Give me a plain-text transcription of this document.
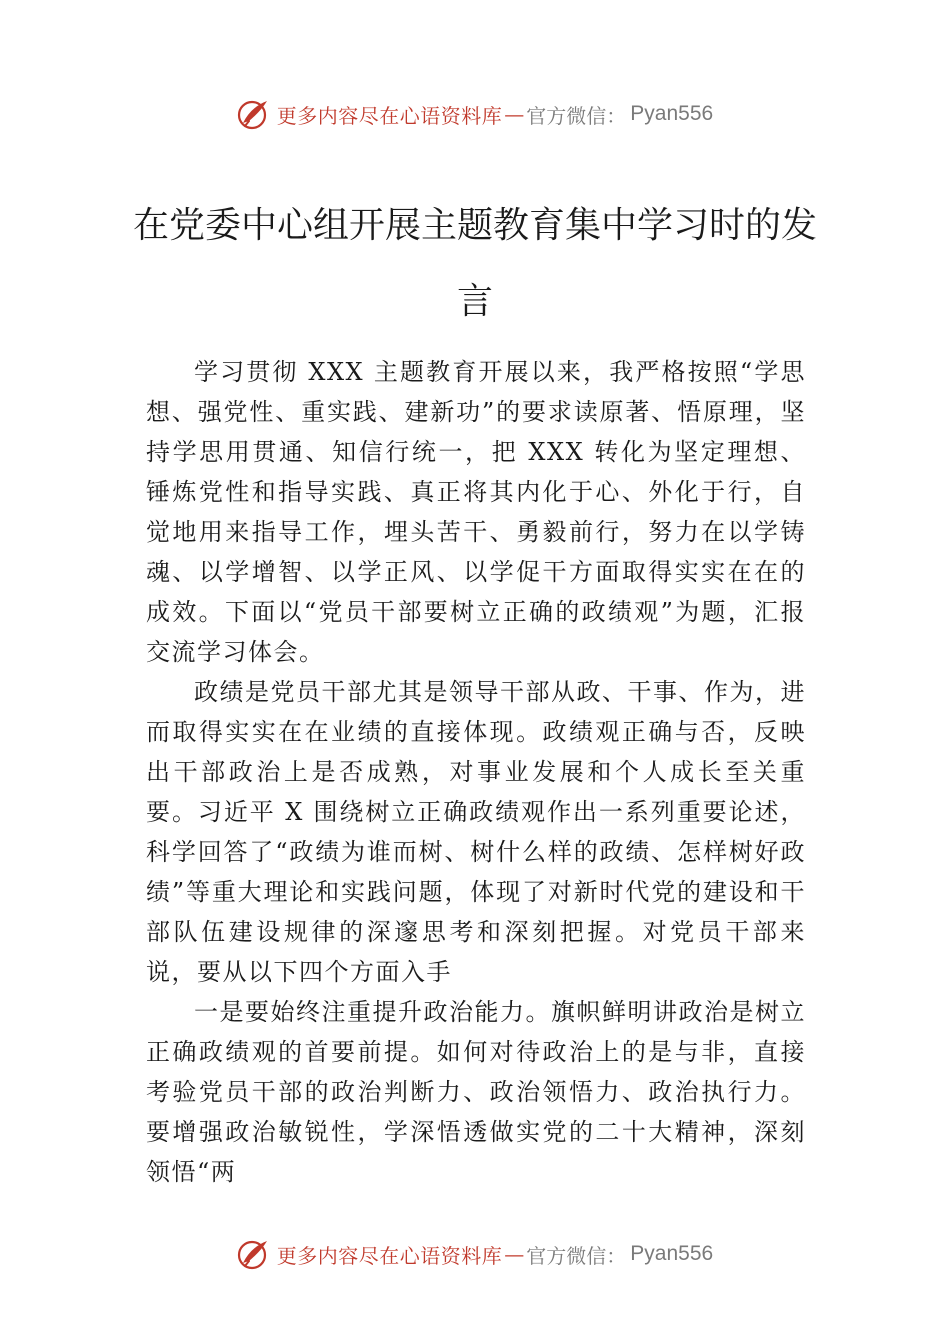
更多内容尽在心语资料库 — 官方微信： Pyan556
在党委中心组开展主题教育集中学习时的发言

学习贯彻 XXX 主题教育开展以来，我严格按照“学思想、强党性、重实践、建新功”的要求读原著、悟原理，坚持学思用贯通、知信行统一，把 XXX 转化为坚定理想、锤炼党性和指导实践、真正将其内化于心、外化于行，自觉地用来指导工作，埋头苦干、勇毅前行，努力在以学铸魂、以学增智、以学正风、以学促干方面取得实实在在的成效。下面以“党员干部要树立正确的政绩观”为题，汇报交流学习体会。

政绩是党员干部尤其是领导干部从政、干事、作为，进而取得实实在在业绩的直接体现。政绩观正确与否，反映出干部政治上是否成熟，对事业发展和个人成长至关重要。习近平 X 围绕树立正确政绩观作出一系列重要论述，科学回答了“政绩为谁而树、树什么样的政绩、怎样树好政绩”等重大理论和实践问题，体现了对新时代党的建设和干部队伍建设规律的深邃思考和深刻把握。对党员干部来说，要从以下四个方面入手

一是要始终注重提升政治能力。旗帜鲜明讲政治是树立

正确政绩观的首要前提。如何对待政治上的是与非，直接考验党员干部的政治判断力、政治领悟力、政治执行力。要增强政治敏锐性，学深悟透做实党的二十大精神，深刻领悟“两

更多内容尽在心语资料库 — 官方微信： Pyan556
